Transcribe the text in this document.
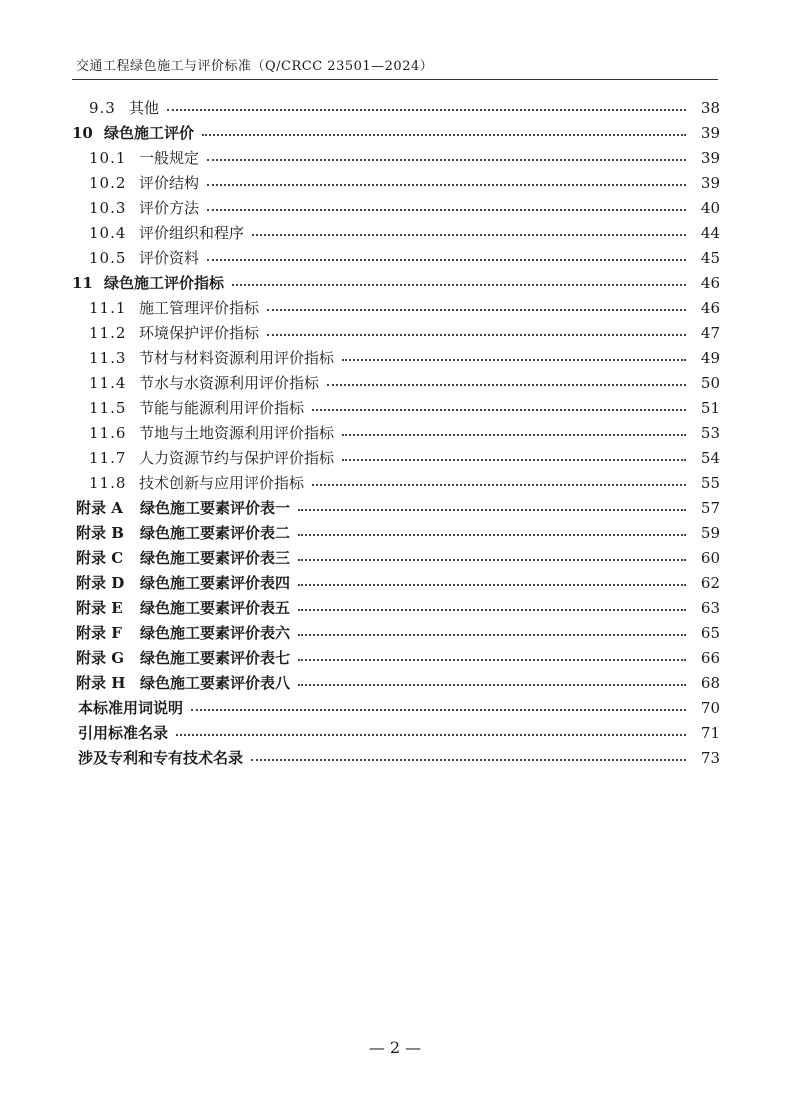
交通工程绿色施工与评价标准（Q/CRCC 23501—2024）
9.3 其他	38
10 绿色施工评价	39
10.1 一般规定	39
10.2 评价结构	39
10.3 评价方法	40
10.4 评价组织和程序	44
10.5 评价资料	45
11 绿色施工评价指标	46
11.1 施工管理评价指标	46
11.2 环境保护评价指标	47
11.3 节材与材料资源利用评价指标	49
11.4 节水与水资源利用评价指标	50
11.5 节能与能源利用评价指标	51
11.6 节地与土地资源利用评价指标	53
11.7 人力资源节约与保护评价指标	54
11.8 技术创新与应用评价指标	55
附录 A	绿色施工要素评价表一	57
附录 B	绿色施工要素评价表二	59
附录 C	绿色施工要素评价表三	60
附录 D	绿色施工要素评价表四	62
附录 E	绿色施工要素评价表五	63
附录 F	绿色施工要素评价表六	65
附录 G	绿色施工要素评价表七	66
附录 H 绿色施工要素评价表八	68
本标准用词说明	70
引用标准名录	71
涉及专利和专有技术名录	73
— 2 —
